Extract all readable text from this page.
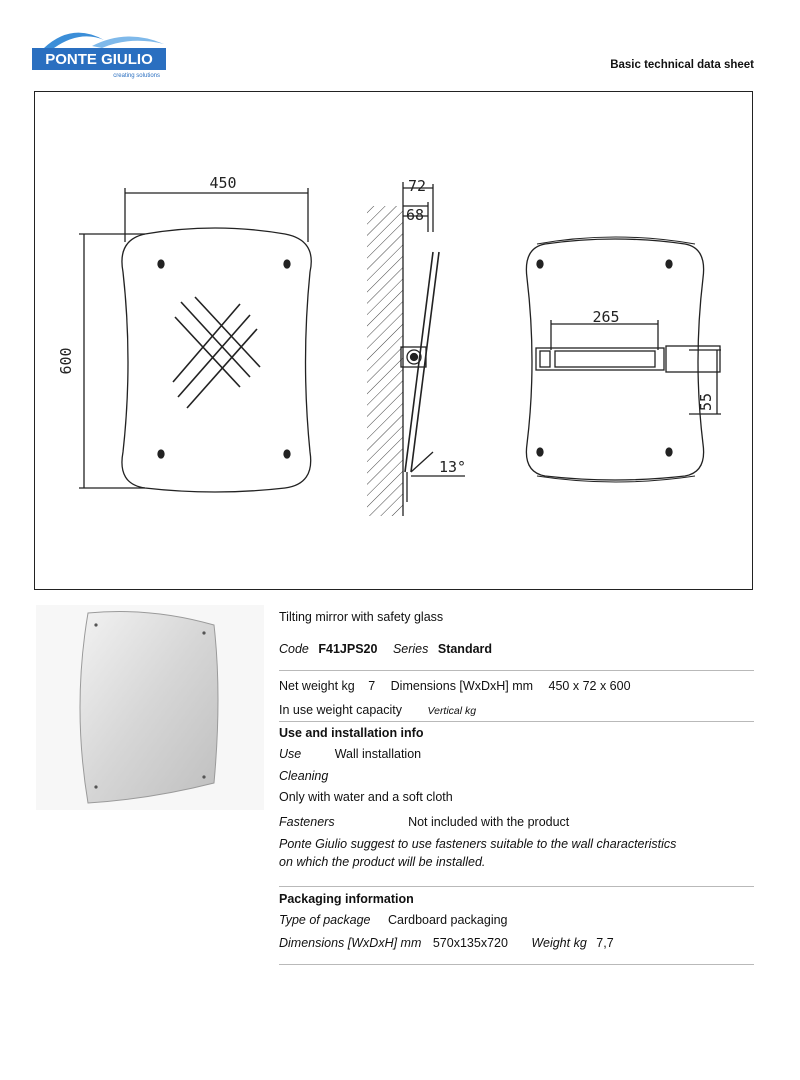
PONTE GIULIO
creating solutions
Basic technical data sheet
450
600
72
68
13°
265
55
Tilting mirror with safety glass
Code F41JPS20 Series Standard
Net weight kg 7 Dimensions [WxDxH] mm 450 x 72 x 600
In use weight capacity Vertical kg
Use and installation info
Use	Wall installation
Cleaning
Only with water and a soft cloth
Fasteners	Not included with the product
Ponte Giulio suggest to use fasteners suitable to the wall characteristics
on which the product will be installed.
Packaging information
Type of package Cardboard packaging
Dimensions [WxDxH] mm 570x135x720 Weight kg 7,7
